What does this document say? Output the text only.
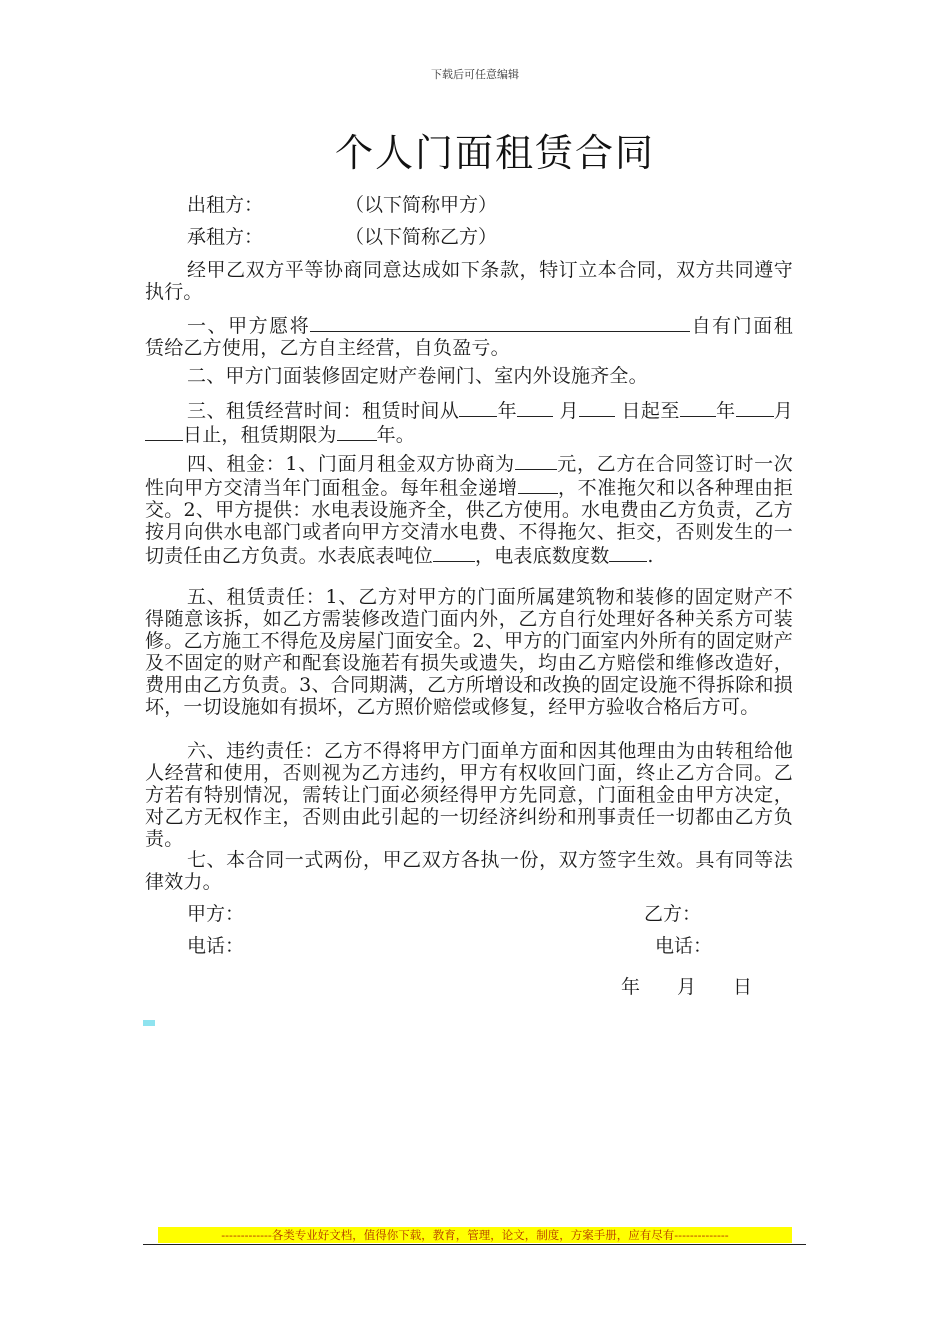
下载后可任意编辑
个人门面租赁合同
出租方：	（以下简称甲方）
承租方：	（以下简称乙方）
经甲乙双方平等协商同意达成如下条款，特订立本合同，双方共同遵守执行。
一、甲方愿将	自有门面租赁给乙方使用，乙方自主经营，自负盈亏。
二、甲方门面装修固定财产卷闸门、室内外设施齐全。
三、租赁经营时间：租赁时间从 年 月 日起至 年 月日止，租赁期限为 年。
四、租金：1、门面月租金双方协商为 元，乙方在合同签订时一次性向甲方交清当年门面租金。每年租金递增 ，不准拖欠和以各种理由拒交。2、甲方提供：水电表设施齐全，供乙方使用。水电费由乙方负责，乙方按月向供水电部门或者向甲方交清水电费、不得拖欠、拒交，否则发生的一切责任由乙方负责。水表底表吨位 ，电表底数度数 .
五、租赁责任：1、乙方对甲方的门面所属建筑物和装修的固定财产不得随意该拆，如乙方需装修改造门面内外，乙方自行处理好各种关系方可装修。乙方施工不得危及房屋门面安全。2、甲方的门面室内外所有的固定财产及不固定的财产和配套设施若有损失或遗失，均由乙方赔偿和维修改造好，费用由乙方负责。3、合同期满，乙方所增设和改换的固定设施不得拆除和损坏，一切设施如有损坏，乙方照价赔偿或修复，经甲方验收合格后方可。
六、违约责任：乙方不得将甲方门面单方面和因其他理由为由转租给他人经营和使用，否则视为乙方违约，甲方有权收回门面，终止乙方合同。乙方若有特别情况，需转让门面必须经得甲方先同意，门面租金由甲方决定，对乙方无权作主，否则由此引起的一切经济纠纷和刑事责任一切都由乙方负责。
七、本合同一式两份，甲乙双方各执一份，双方签字生效。具有同等法律效力。
甲方：	乙方：
电话：	电话：
年 月 日
-------------各类专业好文档，值得你下载，教育，管理，论文，制度，方案手册，应有尽有--------------
